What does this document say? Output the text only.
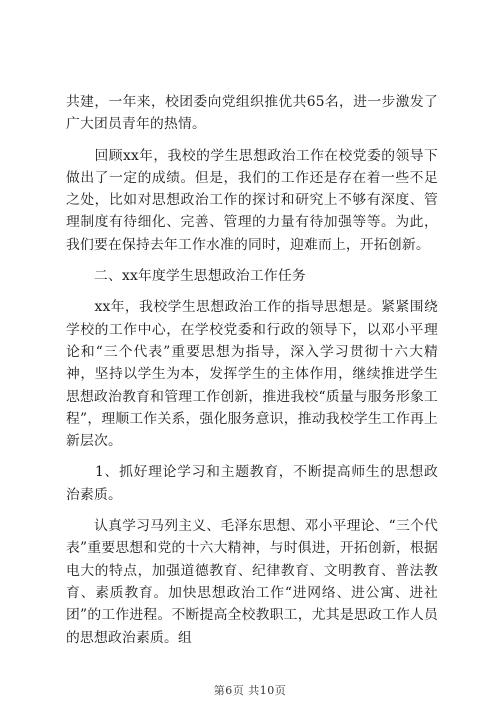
共建，一年来，校团委向党组织推优共65名，进一步激发了广大团员青年的热情。

　　回顾xx年，我校的学生思想政治工作在校党委的领导下做出了一定的成绩。但是，我们的工作还是存在着一些不足之处，比如对思想政治工作的探讨和研究上不够有深度、管理制度有待细化、完善、管理的力量有待加强等等。为此，我们要在保持去年工作水准的同时，迎难而上，开拓创新。

　　二、xx年度学生思想政治工作任务

　　xx年，我校学生思想政治工作的指导思想是。紧紧围绕学校的工作中心，在学校党委和行政的领导下，以邓小平理论和“三个代表”重要思想为指导，深入学习贯彻十六大精神，坚持以学生为本，发挥学生的主体作用，继续推进学生思想政治教育和管理工作创新，推进我校“质量与服务形象工程”，理顺工作关系，强化服务意识，推动我校学生工作再上新层次。

　　1、抓好理论学习和主题教育，不断提高师生的思想政治素质。

　　认真学习马列主义、毛泽东思想、邓小平理论、“三个代表”重要思想和党的十六大精神，与时俱进，开拓创新，根据电大的特点，加强道德教育、纪律教育、文明教育、普法教育、素质教育。加快思想政治工作“进网络、进公寓、进社团”的工作进程。不断提高全校教职工，尤其是思政工作人员的思想政治素质。组

第6页 共10页
